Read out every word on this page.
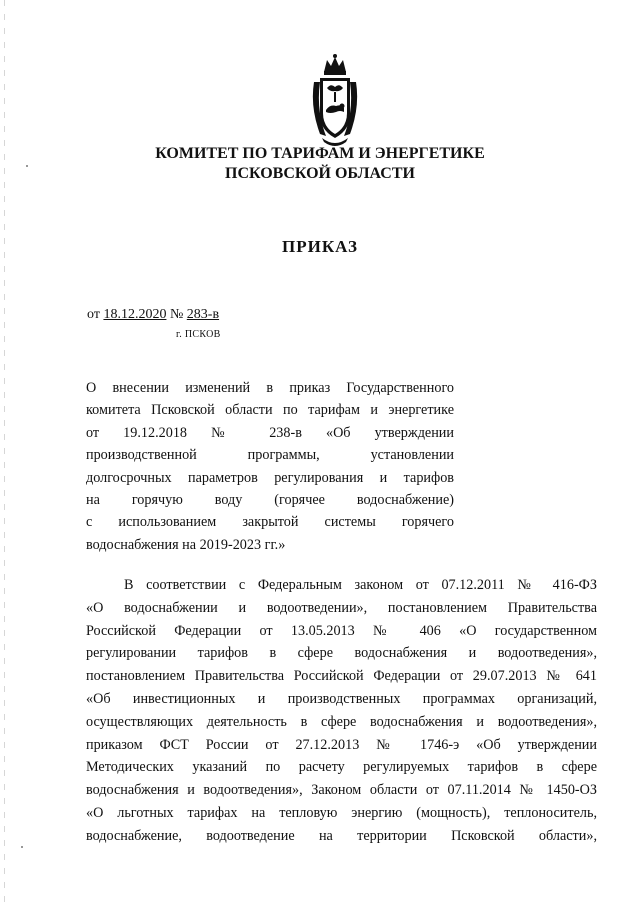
КОМИТЕТ ПО ТАРИФАМ И ЭНЕРГЕТИКЕ
ПСКОВСКОЙ ОБЛАСТИ
ПРИКАЗ
от 18.12.2020 № 283-в
г. ПСКОВ
О внесении изменений в приказ Государственного
комитета Псковской области по тарифам и энергетике
от 19.12.2018 № 238-в «Об утверждении
производственной программы, установлении
долгосрочных параметров регулирования и тарифов
на горячую воду (горячее водоснабжение)
с использованием закрытой системы горячего
водоснабжения на 2019-2023 гг.»
В соответствии с Федеральным законом от 07.12.2011 № 416-ФЗ
«О водоснабжении и водоотведении», постановлением Правительства
Российской Федерации от 13.05.2013 № 406 «О государственном
регулировании тарифов в сфере водоснабжения и водоотведения»,
постановлением Правительства Российской Федерации от 29.07.2013 № 641
«Об инвестиционных и производственных программах организаций,
осуществляющих деятельность в сфере водоснабжения и водоотведения»,
приказом ФСТ России от 27.12.2013 № 1746-э «Об утверждении
Методических указаний по расчету регулируемых тарифов в сфере
водоснабжения и водоотведения», Законом области от 07.11.2014 № 1450-ОЗ
«О льготных тарифах на тепловую энергию (мощность), теплоноситель,
водоснабжение, водоотведение на территории Псковской области»,
